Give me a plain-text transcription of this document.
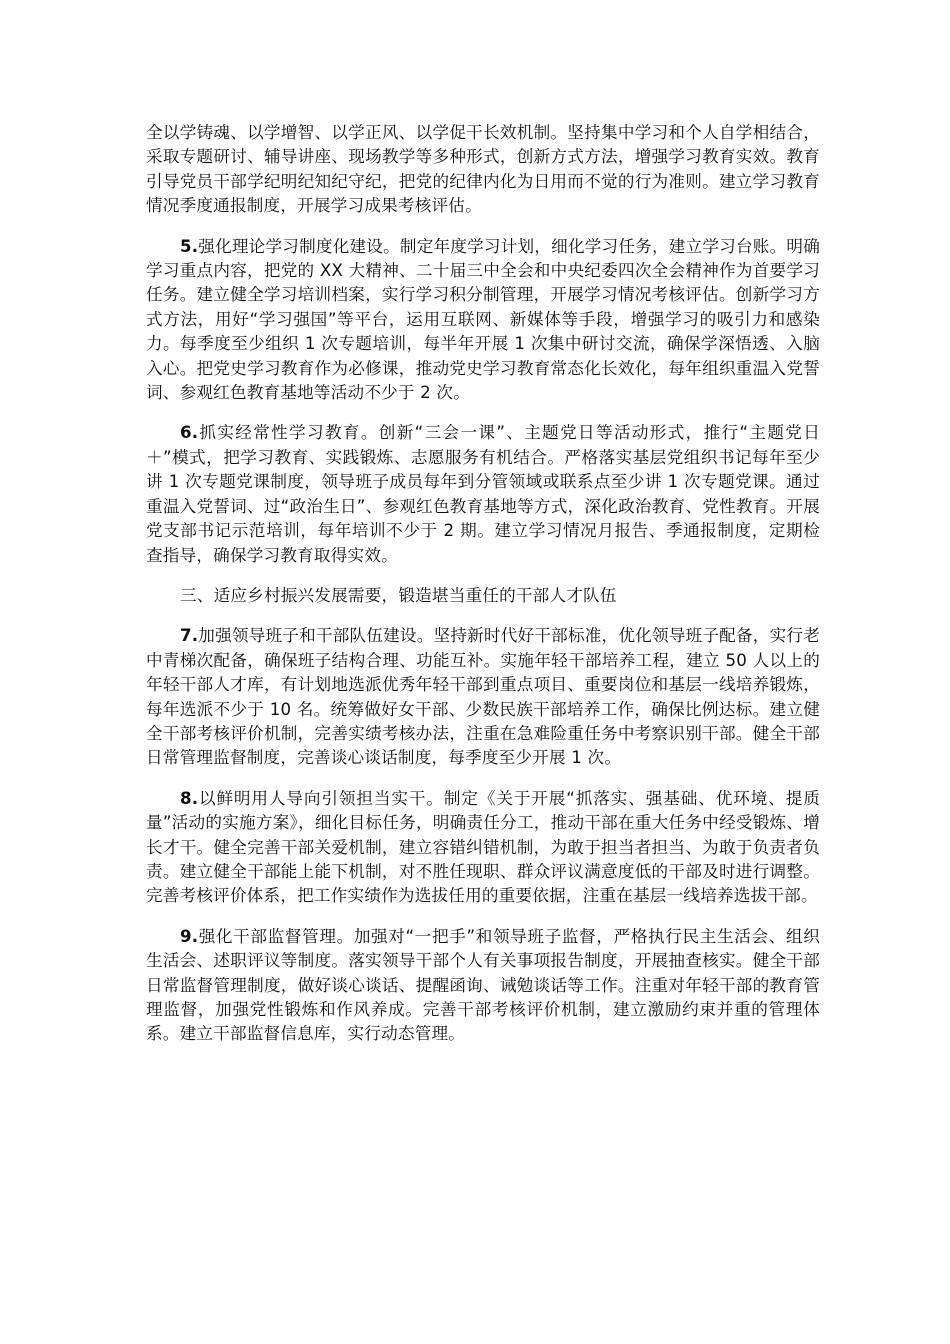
全以学铸魂、以学增智、以学正风、以学促干长效机制。坚持集中学习和个人自学相结合，采取专题研讨、辅导讲座、现场教学等多种形式，创新方式方法，增强学习教育实效。教育引导党员干部学纪明纪知纪守纪，把党的纪律内化为日用而不觉的行为准则。建立学习教育情况季度通报制度，开展学习成果考核评估。

5.强化理论学习制度化建设。制定年度学习计划，细化学习任务，建立学习台账。明确学习重点内容，把党的 XX 大精神、二十届三中全会和中央纪委四次全会精神作为首要学习任务。建立健全学习培训档案，实行学习积分制管理，开展学习情况考核评估。创新学习方式方法，用好“学习强国”等平台，运用互联网、新媒体等手段，增强学习的吸引力和感染力。每季度至少组织 1 次专题培训，每半年开展 1 次集中研讨交流，确保学深悟透、入脑入心。把党史学习教育作为必修课，推动党史学习教育常态化长效化，每年组织重温入党誓词、参观红色教育基地等活动不少于 2 次。

6.抓实经常性学习教育。创新“三会一课”、主题党日等活动形式，推行“主题党日＋”模式，把学习教育、实践锻炼、志愿服务有机结合。严格落实基层党组织书记每年至少讲 1 次专题党课制度，领导班子成员每年到分管领域或联系点至少讲 1 次专题党课。通过重温入党誓词、过“政治生日”、参观红色教育基地等方式，深化政治教育、党性教育。开展党支部书记示范培训，每年培训不少于 2 期。建立学习情况月报告、季通报制度，定期检查指导，确保学习教育取得实效。

三、适应乡村振兴发展需要，锻造堪当重任的干部人才队伍

7.加强领导班子和干部队伍建设。坚持新时代好干部标准，优化领导班子配备，实行老中青梯次配备，确保班子结构合理、功能互补。实施年轻干部培养工程，建立 50 人以上的年轻干部人才库，有计划地选派优秀年轻干部到重点项目、重要岗位和基层一线培养锻炼，每年选派不少于 10 名。统筹做好女干部、少数民族干部培养工作，确保比例达标。建立健全干部考核评价机制，完善实绩考核办法，注重在急难险重任务中考察识别干部。健全干部日常管理监督制度，完善谈心谈话制度，每季度至少开展 1 次。

8.以鲜明用人导向引领担当实干。制定《关于开展“抓落实、强基础、优环境、提质量”活动的实施方案》，细化目标任务，明确责任分工，推动干部在重大任务中经受锻炼、增长才干。健全完善干部关爱机制，建立容错纠错机制，为敢于担当者担当、为敢于负责者负责。建立健全干部能上能下机制，对不胜任现职、群众评议满意度低的干部及时进行调整。完善考核评价体系，把工作实绩作为选拔任用的重要依据，注重在基层一线培养选拔干部。

9.强化干部监督管理。加强对“一把手”和领导班子监督，严格执行民主生活会、组织生活会、述职评议等制度。落实领导干部个人有关事项报告制度，开展抽查核实。健全干部日常监督管理制度，做好谈心谈话、提醒函询、诫勉谈话等工作。注重对年轻干部的教育管理监督，加强党性锻炼和作风养成。完善干部考核评价机制，建立激励约束并重的管理体系。建立干部监督信息库，实行动态管理。
